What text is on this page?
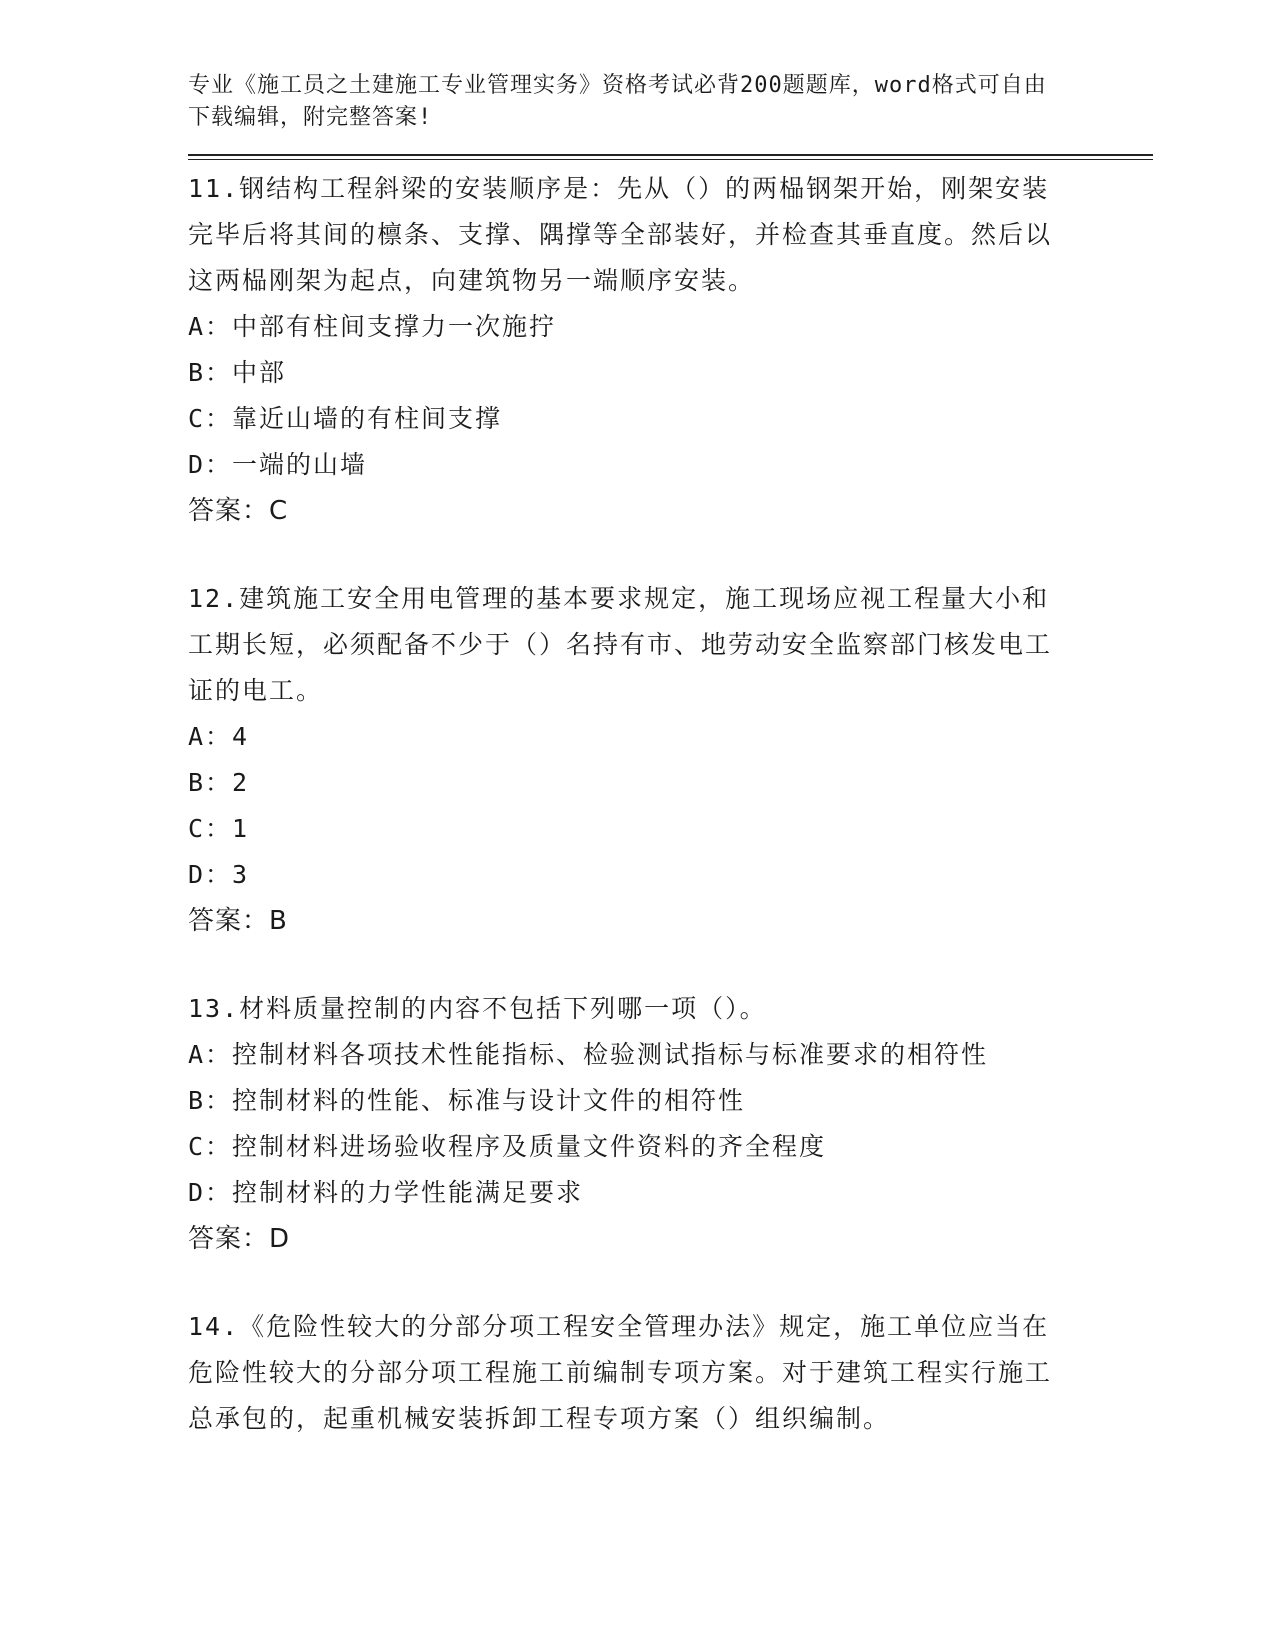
专业《施工员之土建施工专业管理实务》资格考试必背200题题库，word格式可自由下载编辑，附完整答案!
11.钢结构工程斜梁的安装顺序是：先从（）的两榀钢架开始，刚架安装完毕后将其间的檩条、支撑、隅撑等全部装好，并检查其垂直度。然后以这两榀刚架为起点，向建筑物另一端顺序安装。
A：中部有柱间支撑力一次施拧
B：中部
C：靠近山墙的有柱间支撑
D：一端的山墙
答案：C
12.建筑施工安全用电管理的基本要求规定，施工现场应视工程量大小和工期长短，必须配备不少于（）名持有市、地劳动安全监察部门核发电工证的电工。
A：4
B：2
C：1
D：3
答案：B
13.材料质量控制的内容不包括下列哪一项（）。
A：控制材料各项技术性能指标、检验测试指标与标准要求的相符性
B：控制材料的性能、标准与设计文件的相符性
C：控制材料进场验收程序及质量文件资料的齐全程度
D：控制材料的力学性能满足要求
答案：D
14.《危险性较大的分部分项工程安全管理办法》规定，施工单位应当在危险性较大的分部分项工程施工前编制专项方案。对于建筑工程实行施工总承包的，起重机械安装拆卸工程专项方案（）组织编制。
